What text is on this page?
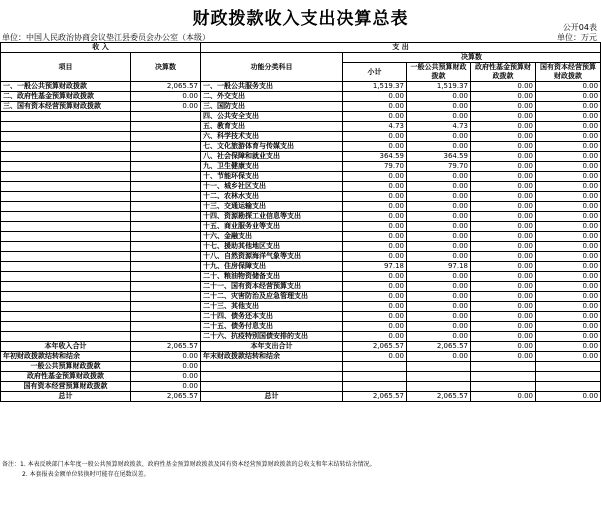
财政拨款收入支出决算总表	公开04表
单位：中国人民政治协商会议垫江县委员会办公室（本级）	单位：万元
收 入		支 出				
项目	决算数	功能分类科目	决算数			
			小计	一般公共预算财政拨款	政府性基金预算财政拨款	国有资本经营预算财政拨款

一、一般公共预算财政拨款	2,065.57	一、一般公共服务支出	1,519.37	1,519.37	0.00	0.00
二、政府性基金预算财政拨款	0.00	二、外交支出	0.00	0.00	0.00	0.00
三、国有资本经营预算财政拨款	0.00	三、国防支出	0.00	0.00	0.00	0.00
		四、公共安全支出	0.00	0.00	0.00	0.00
		五、教育支出	4.73	4.73	0.00	0.00
		六、科学技术支出	0.00	0.00	0.00	0.00
		七、文化旅游体育与传媒支出	0.00	0.00	0.00	0.00
		八、社会保障和就业支出	364.59	364.59	0.00	0.00
		九、卫生健康支出	79.70	79.70	0.00	0.00
		十、节能环保支出	0.00	0.00	0.00	0.00
		十一、城乡社区支出	0.00	0.00	0.00	0.00
		十二、农林水支出	0.00	0.00	0.00	0.00
		十三、交通运输支出	0.00	0.00	0.00	0.00
		十四、资源勘探工业信息等支出	0.00	0.00	0.00	0.00
		十五、商业服务业等支出	0.00	0.00	0.00	0.00
		十六、金融支出	0.00	0.00	0.00	0.00
		十七、援助其他地区支出	0.00	0.00	0.00	0.00
		十八、自然资源海洋气象等支出	0.00	0.00	0.00	0.00
		十九、住房保障支出	97.18	97.18	0.00	0.00
		二十、粮油物资储备支出	0.00	0.00	0.00	0.00
		二十一、国有资本经营预算支出	0.00	0.00	0.00	0.00
		二十二、灾害防治及应急管理支出	0.00	0.00	0.00	0.00
		二十三、其他支出	0.00	0.00	0.00	0.00
		二十四、债务还本支出	0.00	0.00	0.00	0.00
		二十五、债务付息支出	0.00	0.00	0.00	0.00
		二十六、抗疫特别国债安排的支出	0.00	0.00	0.00	0.00
本年收入合计	2,065.57	本年支出合计	2,065.57	2,065.57	0.00	0.00
年初财政拨款结转和结余	0.00	年末财政拨款结转和结余	0.00	0.00	0.00	0.00
一般公共预算财政拨款	0.00					
政府性基金预算财政拨款	0.00					
国有资本经营预算财政拨款	0.00					
总计	2,065.57	总计	2,065.57	2,065.57	0.00	0.00
备注：1. 本表反映部门本年度一般公共预算财政拨款、政府性基金预算财政拨款及国有资本经营预算财政拨款的总收支和年末结转结余情况。
2. 本套报表金额单位转换时可能存在尾数误差。
